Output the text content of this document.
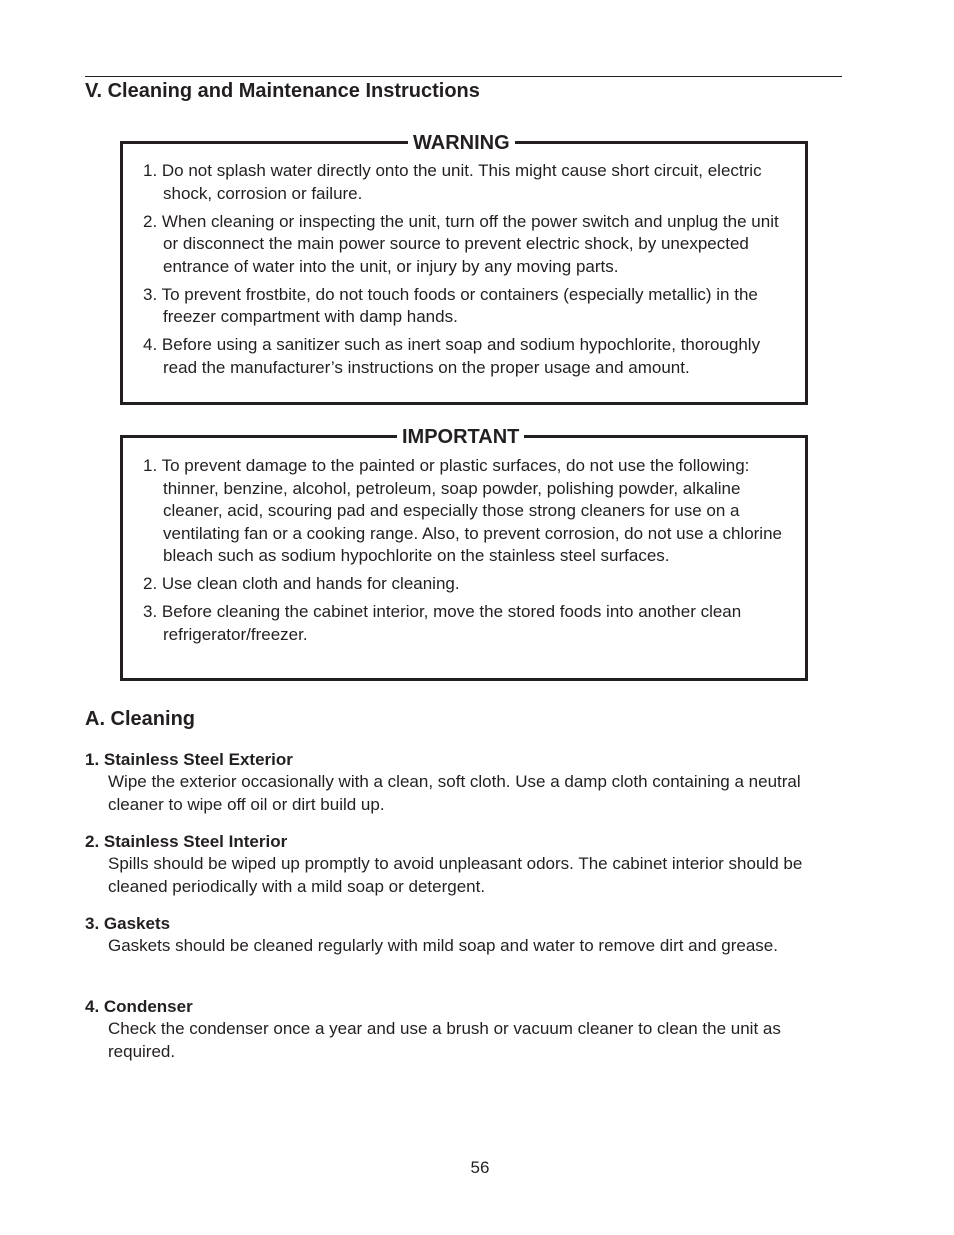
V. Cleaning and Maintenance Instructions
WARNING
1. Do not splash water directly onto the unit. This might cause short circuit, electric shock, corrosion or failure.
2. When cleaning or inspecting the unit, turn off the power switch and unplug the unit or disconnect the main power source to prevent electric shock, by unexpected entrance of water into the unit, or injury by any moving parts.
3. To prevent frostbite, do not touch foods or containers (especially metallic) in the freezer compartment with damp hands.
4. Before using a sanitizer such as inert soap and sodium hypochlorite, thoroughly read the manufacturer’s instructions on the proper usage and amount.
IMPORTANT
1. To prevent damage to the painted or plastic surfaces, do not use the following: thinner, benzine, alcohol, petroleum, soap powder, polishing powder, alkaline cleaner, acid, scouring pad and especially those strong cleaners for use on a ventilating fan or a cooking range. Also, to prevent corrosion, do not use a chlorine bleach such as sodium hypochlorite on the stainless steel surfaces.
2. Use clean cloth and hands for cleaning.
3. Before cleaning the cabinet interior, move the stored foods into another clean refrigerator/freezer.
A. Cleaning
1. Stainless Steel Exterior
Wipe the exterior occasionally with a clean, soft cloth. Use a damp cloth containing a neutral cleaner to wipe off oil or dirt build up.
2. Stainless Steel Interior
Spills should be wiped up promptly to avoid unpleasant odors. The cabinet interior should be cleaned periodically with a mild soap or detergent.
3. Gaskets
Gaskets should be cleaned regularly with mild soap and water to remove dirt and grease.
4. Condenser
Check the condenser once a year and use a brush or vacuum cleaner to clean the unit as required.
56
